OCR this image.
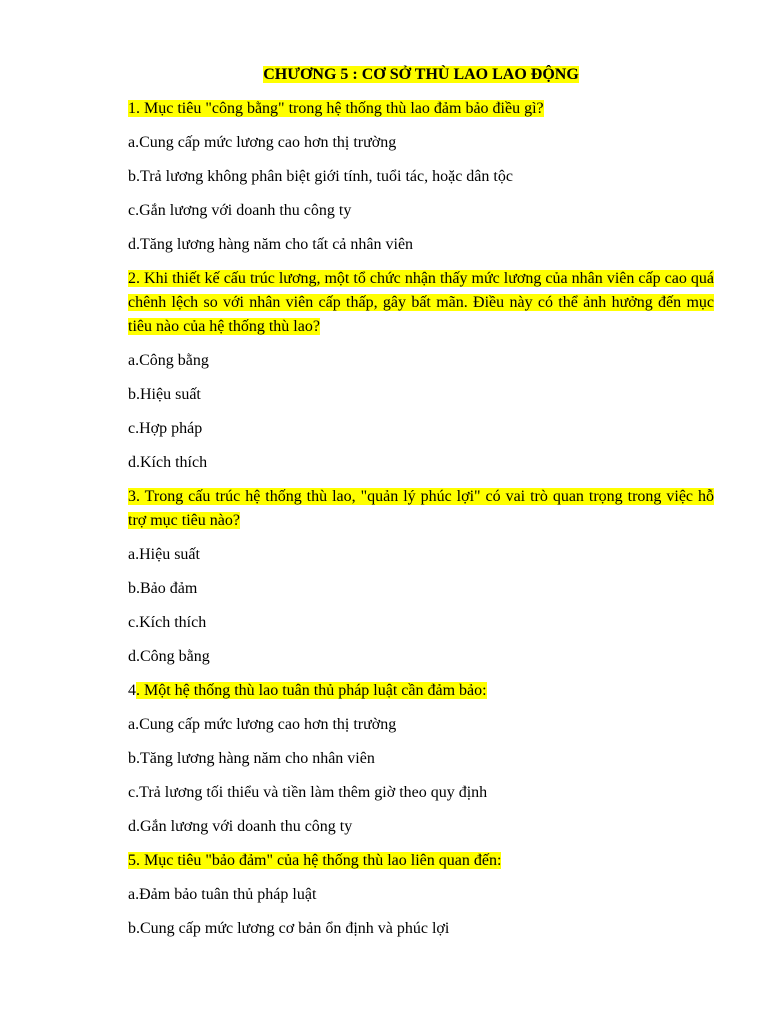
CHƯƠNG 5 : CƠ SỞ THÙ LAO LAO ĐỘNG
1. Mục tiêu "công bằng" trong hệ thống thù lao đảm bảo điều gì?
a.Cung cấp mức lương cao hơn thị trường
b.Trả lương không phân biệt giới tính, tuổi tác, hoặc dân tộc
c.Gắn lương với doanh thu công ty
d.Tăng lương hàng năm cho tất cả nhân viên
2. Khi thiết kế cấu trúc lương, một tổ chức nhận thấy mức lương của nhân viên cấp cao quá chênh lệch so với nhân viên cấp thấp, gây bất mãn. Điều này có thể ảnh hưởng đến mục tiêu nào của hệ thống thù lao?
a.Công bằng
b.Hiệu suất
c.Hợp pháp
d.Kích thích
3. Trong cấu trúc hệ thống thù lao, "quản lý phúc lợi" có vai trò quan trọng trong việc hỗ trợ mục tiêu nào?
a.Hiệu suất
b.Bảo đảm
c.Kích thích
d.Công bằng
4. Một hệ thống thù lao tuân thủ pháp luật cần đảm bảo:
a.Cung cấp mức lương cao hơn thị trường
b.Tăng lương hàng năm cho nhân viên
c.Trả lương tối thiểu và tiền làm thêm giờ theo quy định
d.Gắn lương với doanh thu công ty
5. Mục tiêu "bảo đảm" của hệ thống thù lao liên quan đến:
a.Đảm bảo tuân thủ pháp luật
b.Cung cấp mức lương cơ bản ổn định và phúc lợi
